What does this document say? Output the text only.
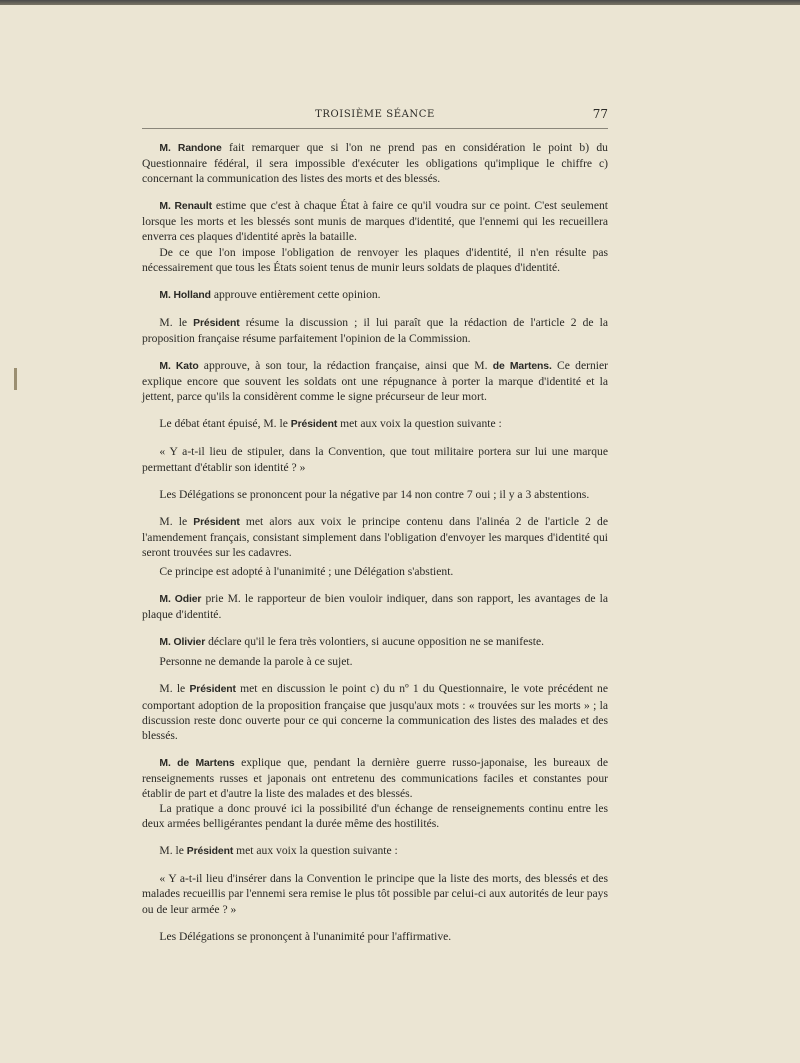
TROISIÈME SÉANCE	77

  M. Randone fait remarquer que si l'on ne prend pas en considération le point b) du Questionnaire fédéral, il sera impossible d'exécuter les obligations qu'implique le chiffre c) concernant la communication des listes des morts et des blessés.

  M. Renault estime que c'est à chaque État à faire ce qu'il voudra sur ce point. C'est seulement lorsque les morts et les blessés sont munis de marques d'identité, que l'ennemi qui les recueillera enverra ces plaques d'identité après la bataille.

  De ce que l'on impose l'obligation de renvoyer les plaques d'identité, il n'en résulte pas nécessairement que tous les États soient tenus de munir leurs soldats de plaques d'identité.

  M. Holland approuve entièrement cette opinion.

  M. le Président résume la discussion ; il lui paraît que la rédaction de l'article 2 de la proposition française résume parfaitement l'opinion de la Commission.

  M. Kato approuve, à son tour, la rédaction française, ainsi que M. de Martens. Ce dernier explique encore que souvent les soldats ont une répugnance à porter la marque d'identité et la jettent, parce qu'ils la considèrent comme le signe précurseur de leur mort.

  Le débat étant épuisé, M. le Président met aux voix la question suivante :

  « Y a-t-il lieu de stipuler, dans la Convention, que tout militaire portera sur lui une marque permettant d'établir son identité ? »

  Les Délégations se prononcent pour la négative par 14 non contre 7 oui ; il y a 3 abstentions.

  M. le Président met alors aux voix le principe contenu dans l'alinéa 2 de l'article 2 de l'amendement français, consistant simplement dans l'obligation d'envoyer les marques d'identité qui seront trouvées sur les cadavres.

  Ce principe est adopté à l'unanimité ; une Délégation s'abstient.

  M. Odier prie M. le rapporteur de bien vouloir indiquer, dans son rapport, les avantages de la plaque d'identité.

  M. Olivier déclare qu'il le fera très volontiers, si aucune opposition ne se manifeste.

  Personne ne demande la parole à ce sujet.

  M. le Président met en discussion le point c) du nº 1 du Questionnaire, le vote précédent ne comportant adoption de la proposition française que jusqu'aux mots : « trouvées sur les morts » ; la discussion reste donc ouverte pour ce qui concerne la communication des listes des malades et des blessés.

  M. de Martens explique que, pendant la dernière guerre russo-japonaise, les bureaux de renseignements russes et japonais ont entretenu des communications faciles et constantes pour établir de part et d'autre la liste des malades et des blessés.

  La pratique a donc prouvé ici la possibilité d'un échange de renseignements continu entre les deux armées belligérantes pendant la durée même des hostilités.

  M. le Président met aux voix la question suivante :

  « Y a-t-il lieu d'insérer dans la Convention le principe que la liste des morts, des blessés et des malades recueillis par l'ennemi sera remise le plus tôt possible par celui-ci aux autorités de leur pays ou de leur armée ? »

  Les Délégations se prononçent à l'unanimité pour l'affirmative.
